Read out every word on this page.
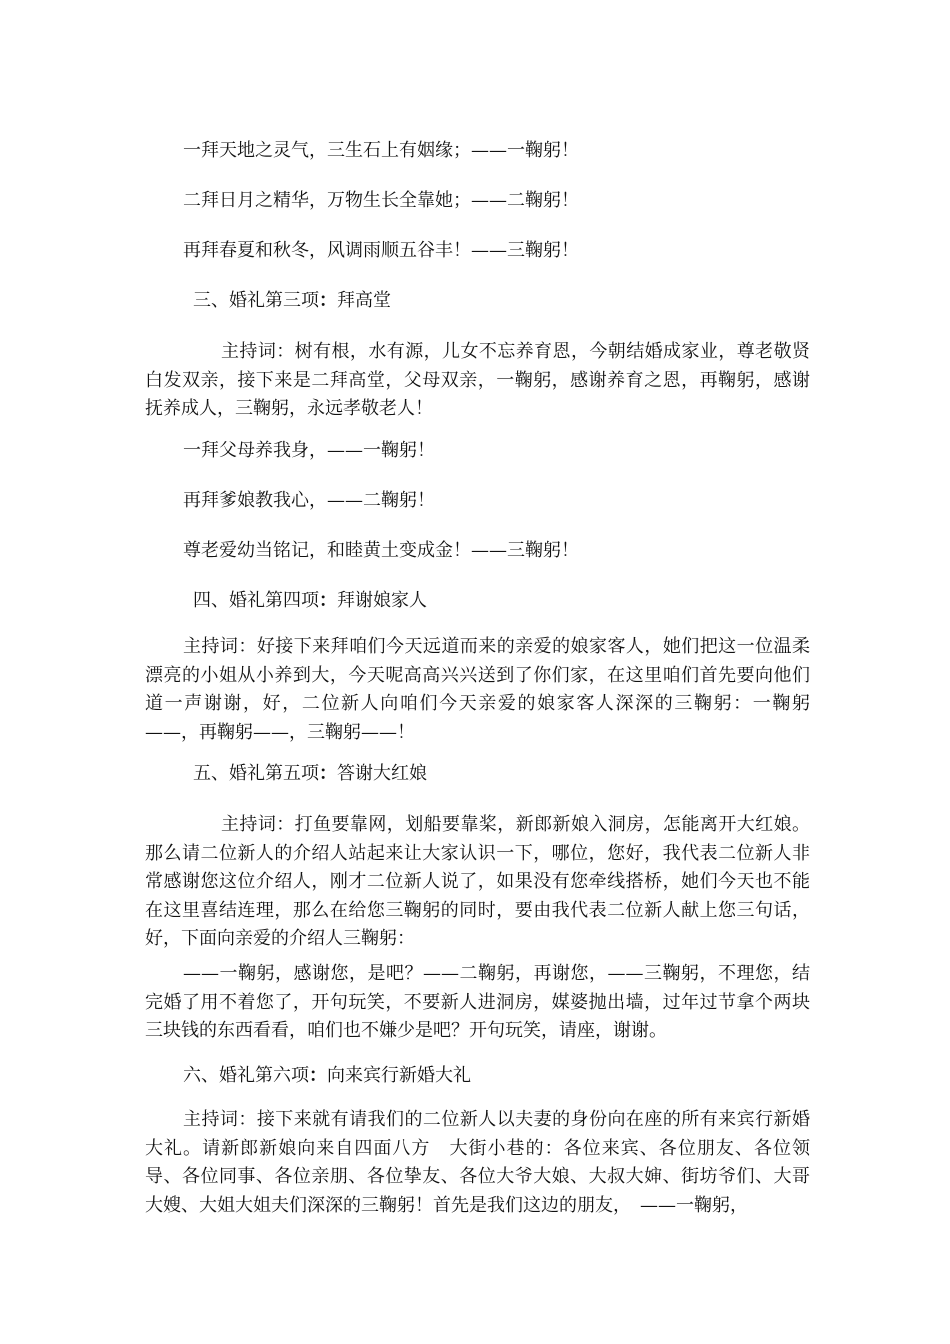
一拜天地之灵气，三生石上有姻缘；——一鞠躬！
二拜日月之精华，万物生长全靠她；——二鞠躬！
再拜春夏和秋冬，风调雨顺五谷丰！——三鞠躬！
三、婚礼第三项：拜高堂
主持词：树有根，水有源，儿女不忘养育恩，今朝结婚成家业，尊老敬贤白发双亲，接下来是二拜高堂，父母双亲，一鞠躬，感谢养育之恩，再鞠躬，感谢抚养成人，三鞠躬，永远孝敬老人！
一拜父母养我身，——一鞠躬！
再拜爹娘教我心，——二鞠躬！
尊老爱幼当铭记，和睦黄土变成金！——三鞠躬！
四、婚礼第四项：拜谢娘家人
主持词：好接下来拜咱们今天远道而来的亲爱的娘家客人，她们把这一位温柔漂亮的小姐从小养到大，今天呢高高兴兴送到了你们家，在这里咱们首先要向他们道一声谢谢，好，二位新人向咱们今天亲爱的娘家客人深深的三鞠躬：一鞠躬——，再鞠躬——，三鞠躬——！
五、婚礼第五项：答谢大红娘
主持词：打鱼要靠网，划船要靠桨，新郎新娘入洞房，怎能离开大红娘。那么请二位新人的介绍人站起来让大家认识一下，哪位，您好，我代表二位新人非常感谢您这位介绍人，刚才二位新人说了，如果没有您牵线搭桥，她们今天也不能在这里喜结连理，那么在给您三鞠躬的同时，要由我代表二位新人献上您三句话，好，下面向亲爱的介绍人三鞠躬：
——一鞠躬，感谢您，是吧？——二鞠躬，再谢您，——三鞠躬，不理您，结完婚了用不着您了，开句玩笑，不要新人进洞房，媒婆抛出墙，过年过节拿个两块三块钱的东西看看，咱们也不嫌少是吧？开句玩笑，请座，谢谢。
六、婚礼第六项：向来宾行新婚大礼
主持词：接下来就有请我们的二位新人以夫妻的身份向在座的所有来宾行新婚大礼。请新郎新娘向来自四面八方　大街小巷的：各位来宾、各位朋友、各位领导、各位同事、各位亲朋、各位挚友、各位大爷大娘、大叔大婶、街坊爷们、大哥大嫂、大姐大姐夫们深深的三鞠躬！首先是我们这边的朋友，　——一鞠躬，
